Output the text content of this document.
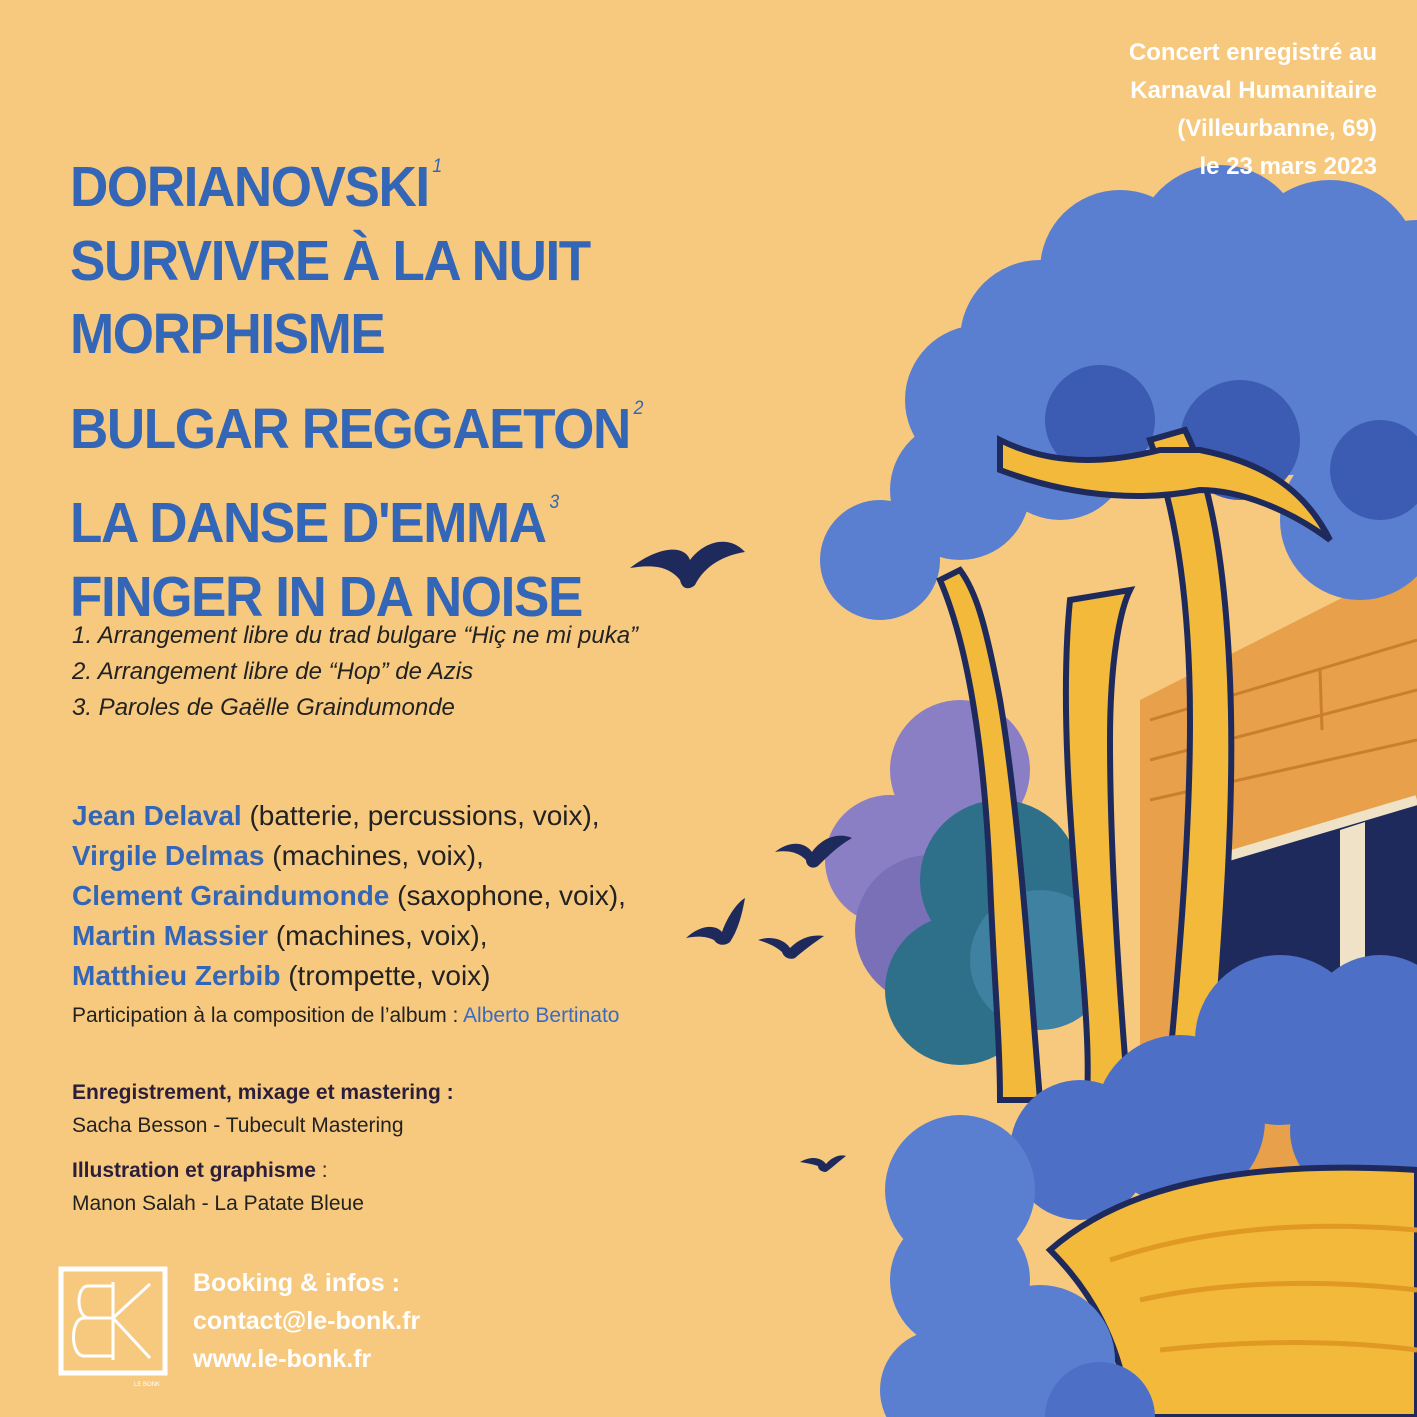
Concert enregistré au
Karnaval Humanitaire
(Villeurbanne, 69)
le 23 mars 2023
DORIANOVSKI $^1$
SURVIVRE À LA NUIT
MORPHISME
BULGAR REGGAETON $^2$
LA DANSE D'EMMA $^3$
FINGER IN DA NOISE
1. Arrangement libre du trad bulgare “Hiç ne mi puka”
2. Arrangement libre de “Hop” de Azis
3. Paroles de Gaëlle Graindumonde
Jean Delaval (batterie, percussions, voix),
Virgile Delmas (machines, voix),
Clement Graindumonde (saxophone, voix),
Martin Massier (machines, voix),
Matthieu Zerbib (trompette, voix)
Participation à la composition de l’album : Alberto Bertinato
Enregistrement, mixage et mastering :
Sacha Besson - Tubecult Mastering
Illustration et graphisme :
Manon Salah - La Patate Bleue
LE BONK
Booking & infos :
contact@le-bonk.fr
www.le-bonk.fr
